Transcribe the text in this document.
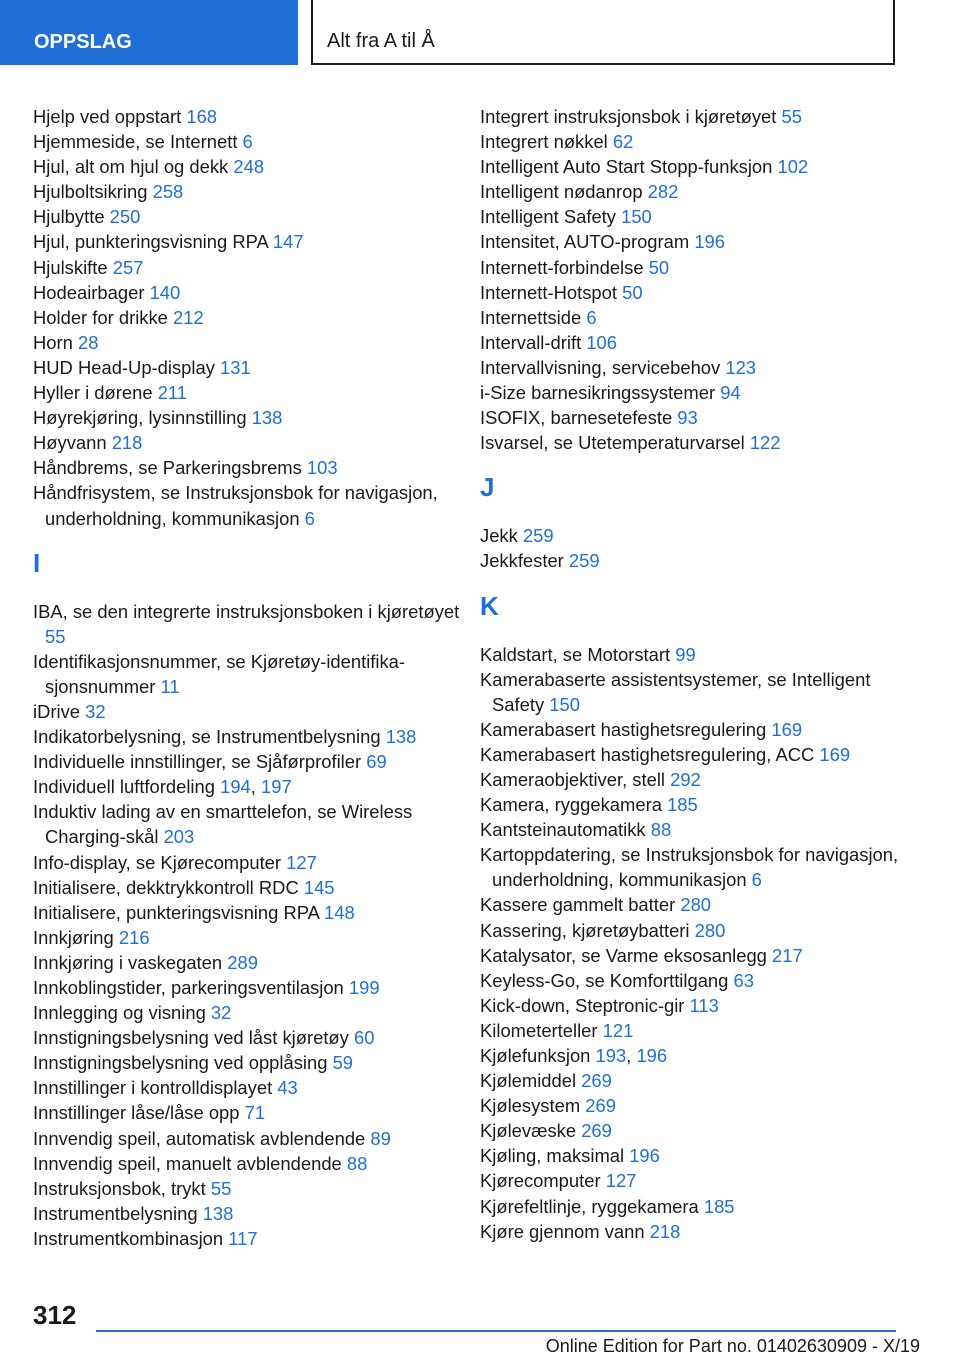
OPPSLAG	Alt fra A til Å
Hjelp ved oppstart 168
Hjemmeside, se Internett 6
Hjul, alt om hjul og dekk 248
Hjulboltsikring 258
Hjulbytte 250
Hjul, punkteringsvisning RPA 147
Hjulskifte 257
Hodeairbager 140
Holder for drikke 212
Horn 28
HUD Head-Up-display 131
Hyller i dørene 211
Høyrekjøring, lysinnstilling 138
Høyvann 218
Håndbrems, se Parkeringsbrems 103
Håndfrisystem, se Instruksjonsbok for navigasjon, underholdning, kommunikasjon 6
I
IBA, se den integrerte instruksjonsboken i kjøretøyet 55
Identifikasjonsnummer, se Kjøretøy-identifikasjonsnummer 11
iDrive 32
Indikatorbelysning, se Instrumentbelysning 138
Individuelle innstillinger, se Sjåførprofiler 69
Individuell luftfordeling 194, 197
Induktiv lading av en smarttelefon, se Wireless Charging-skål 203
Info-display, se Kjørecomputer 127
Initialisere, dekktrykkontroll RDC 145
Initialisere, punkteringsvisning RPA 148
Innkjøring 216
Innkjøring i vaskegaten 289
Innkoblingstider, parkeringsventilasjon 199
Innlegging og visning 32
Innstigningsbelysning ved låst kjøretøy 60
Innstigningsbelysning ved opplåsing 59
Innstillinger i kontrolldisplayet 43
Innstillinger låse/låse opp 71
Innvendig speil, automatisk avblendende 89
Innvendig speil, manuelt avblendende 88
Instruksjonsbok, trykt 55
Instrumentbelysning 138
Instrumentkombinasjon 117
Integrert instruksjonsbok i kjøretøyet 55
Integrert nøkkel 62
Intelligent Auto Start Stopp-funksjon 102
Intelligent nødanrop 282
Intelligent Safety 150
Intensitet, AUTO-program 196
Internett-forbindelse 50
Internett-Hotspot 50
Internettside 6
Intervall-drift 106
Intervallvisning, servicebehov 123
i-Size barnesikringssystemer 94
ISOFIX, barnesetefeste 93
Isvarsel, se Utetemperaturvarsel 122
J
Jekk 259
Jekkfester 259
K
Kaldstart, se Motorstart 99
Kamerabaserte assistentsystemer, se Intelligent Safety 150
Kamerabasert hastighetsregulering 169
Kamerabasert hastighetsregulering, ACC 169
Kameraobjektiver, stell 292
Kamera, ryggekamera 185
Kantsteinautomatikk 88
Kartoppdatering, se Instruksjonsbok for navigasjon, underholdning, kommunikasjon 6
Kassere gammelt batter 280
Kassering, kjøretøybatteri 280
Katalysator, se Varme eksosanlegg 217
Keyless-Go, se Komforttilgang 63
Kick-down, Steptronic-gir 113
Kilometerteller 121
Kjølefunksjon 193, 196
Kjølemiddel 269
Kjølesystem 269
Kjølevæske 269
Kjøling, maksimal 196
Kjørecomputer 127
Kjørefeltlinje, ryggekamera 185
Kjøre gjennom vann 218
312
Online Edition for Part no. 01402630909 - X/19
